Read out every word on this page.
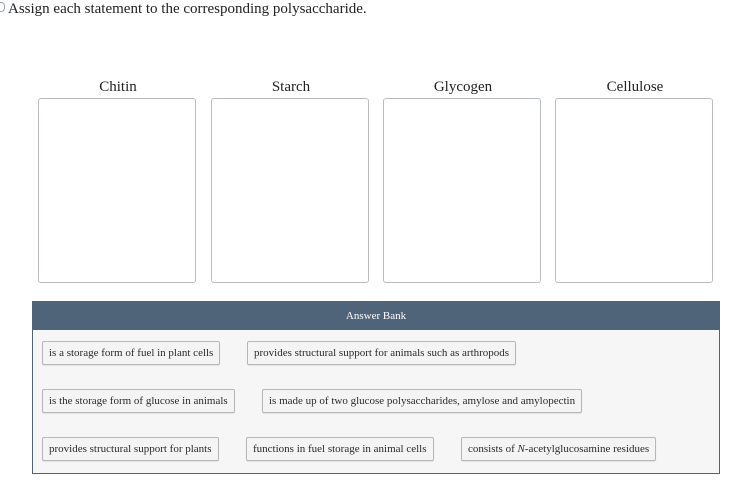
Assign each statement to the corresponding polysaccharide.
Chitin	Starch	Glycogen	Cellulose
Answer Bank
is a storage form of fuel in plant cells	provides structural support for animals such as arthropods
is the storage form of glucose in animals	is made up of two glucose polysaccharides, amylose and amylopectin
provides structural support for plants	functions in fuel storage in animal cells	consists of N-acetylglucosamine residues
